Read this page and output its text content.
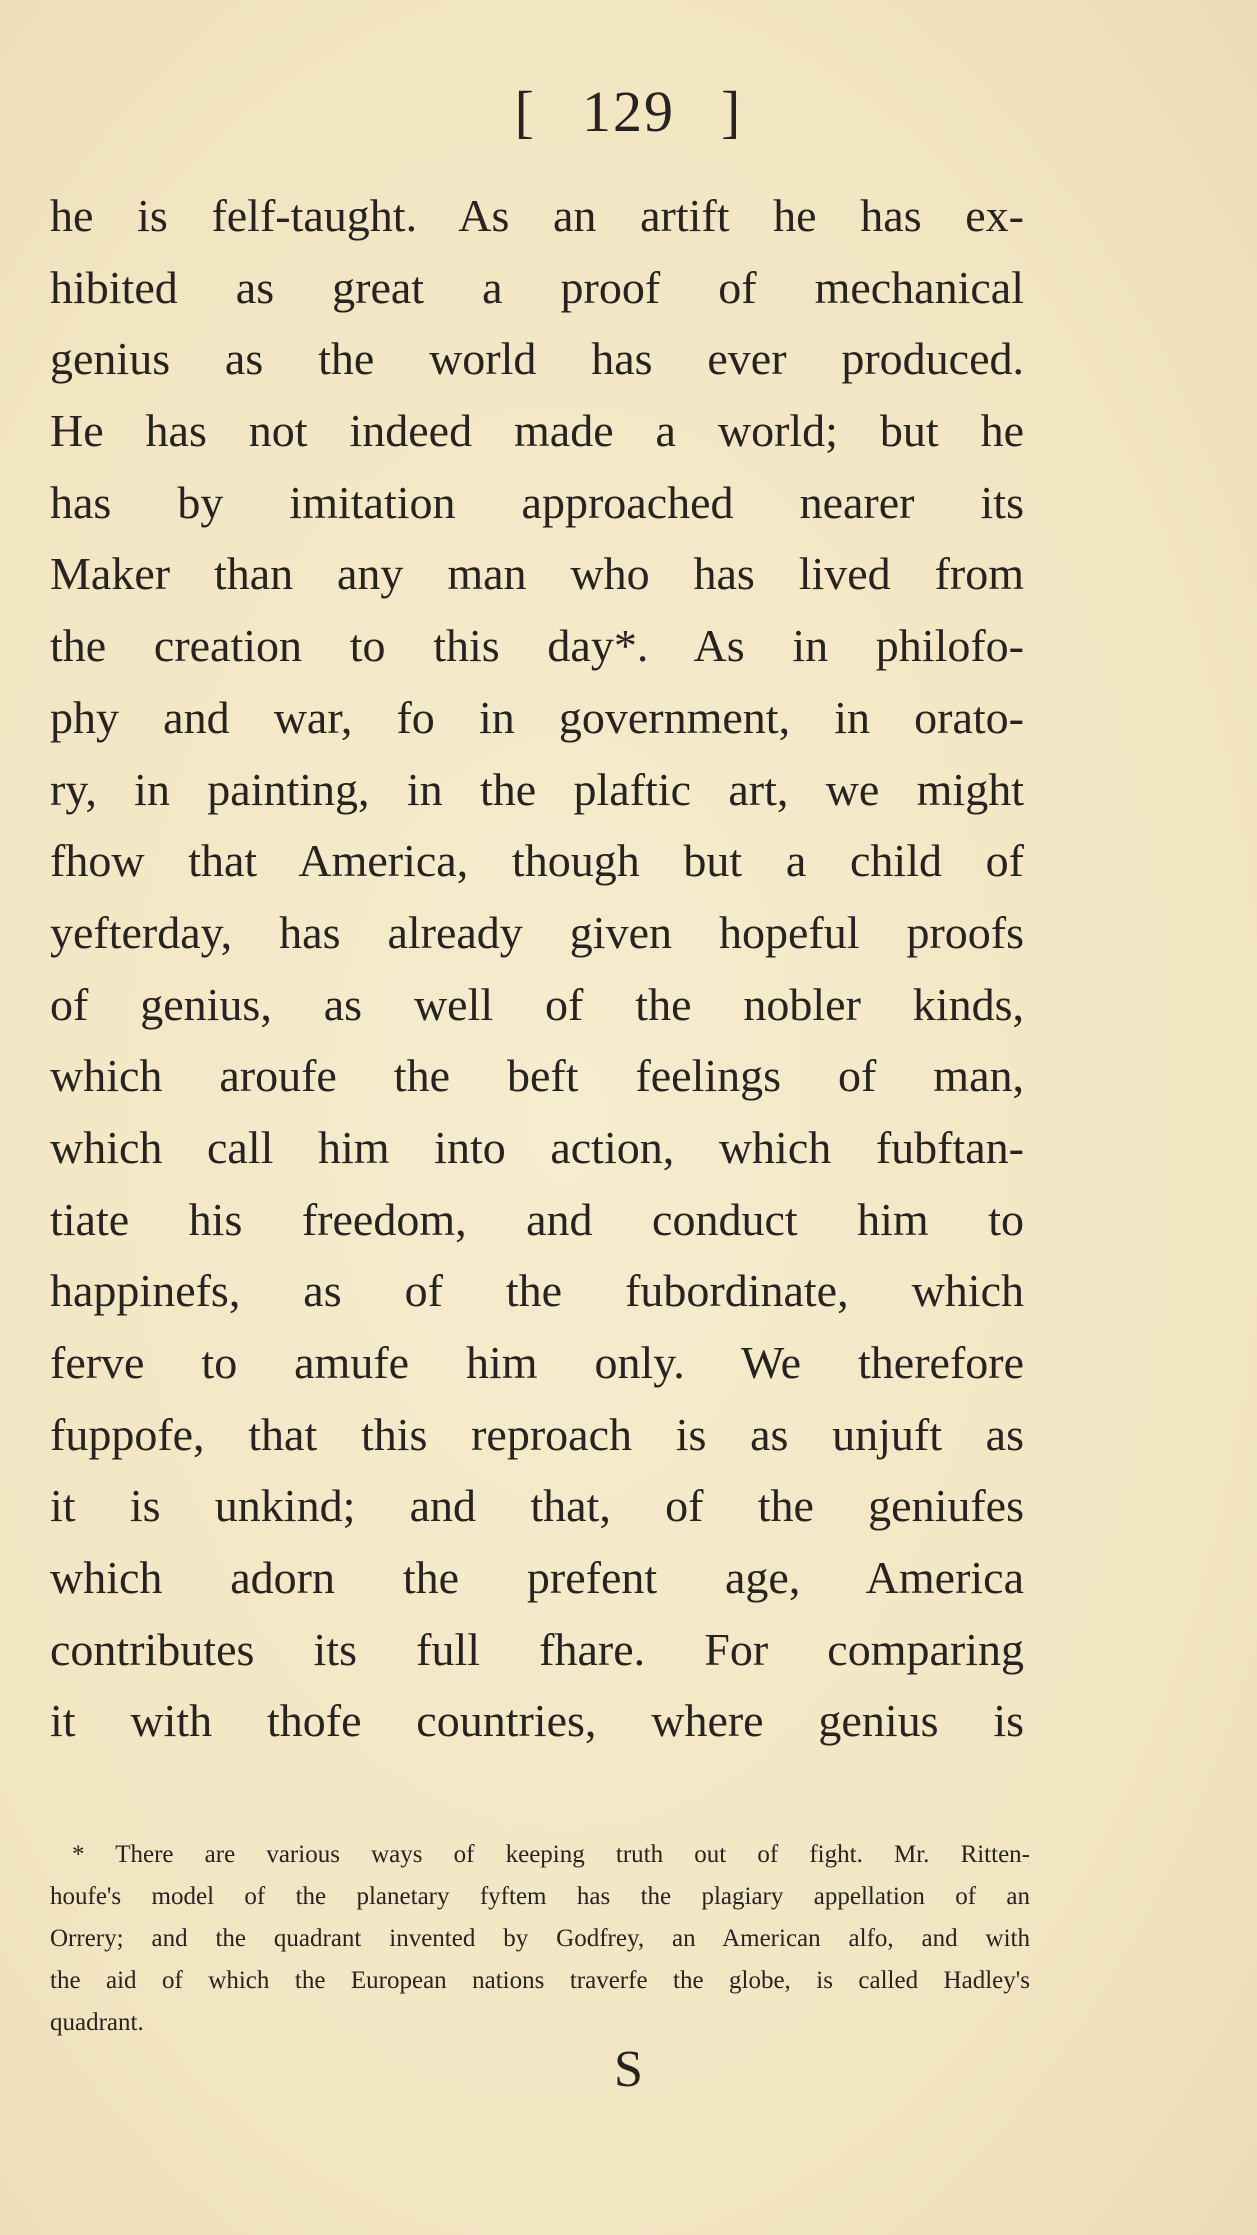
[ 129 ]
he is felf-taught. As an artift he has ex-
hibited as great a proof of mechanical
genius as the world has ever produced.
He has not indeed made a world; but he
has by imitation approached nearer its
Maker than any man who has lived from
the creation to this day*. As in philofo-
phy and war, fo in government, in orato-
ry, in painting, in the plaftic art, we might
fhow that America, though but a child of
yefterday, has already given hopeful proofs
of genius, as well of the nobler kinds,
which aroufe the beft feelings of man,
which call him into action, which fubftan-
tiate his freedom, and conduct him to
happinefs, as of the fubordinate, which
ferve to amufe him only. We therefore
fuppofe, that this reproach is as unjuft as
it is unkind; and that, of the geniufes
which adorn the prefent age, America
contributes its full fhare. For comparing
it with thofe countries, where genius is
* There are various ways of keeping truth out of fight. Mr. Ritten-
houfe's model of the planetary fyftem has the plagiary appellation of an
Orrery; and the quadrant invented by Godfrey, an American alfo, and with
the aid of which the European nations traverfe the globe, is called Hadley's
quadrant.
S
